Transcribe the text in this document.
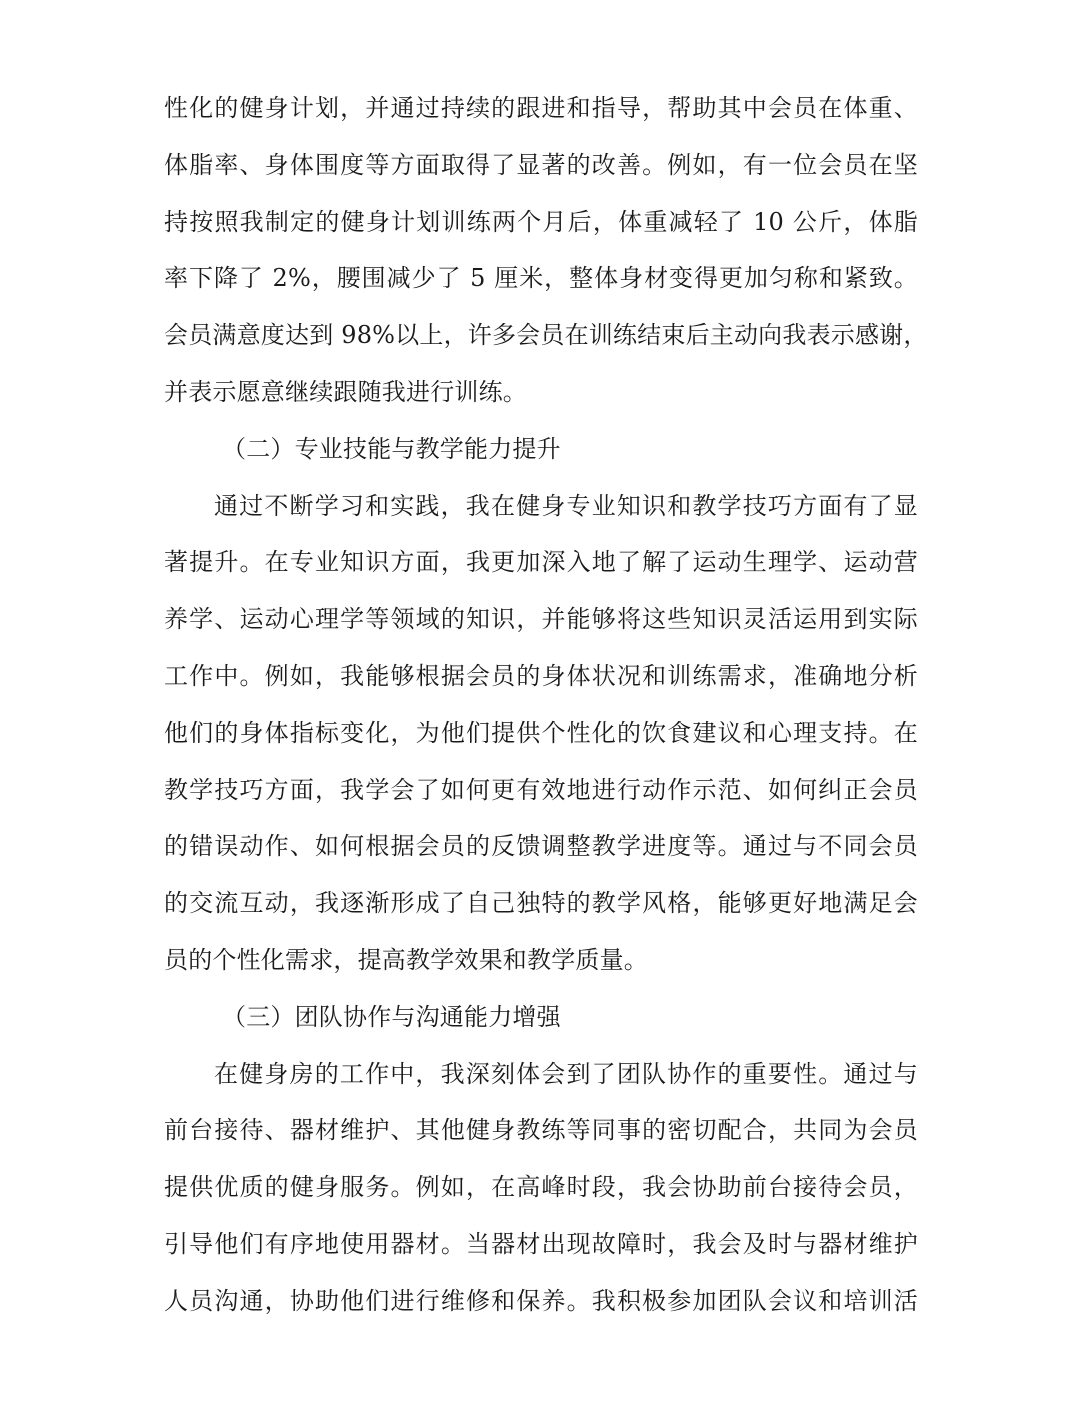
性化的健身计划，并通过持续的跟进和指导，帮助其中会员在体重、
体脂率、身体围度等方面取得了显著的改善。例如，有一位会员在坚
持按照我制定的健身计划训练两个月后，体重减轻了 10 公斤，体脂
率下降了 2%，腰围减少了 5 厘米，整体身材变得更加匀称和紧致。
会员满意度达到 98%以上，许多会员在训练结束后主动向我表示感谢，
并表示愿意继续跟随我进行训练。
（二）专业技能与教学能力提升
通过不断学习和实践，我在健身专业知识和教学技巧方面有了显
著提升。在专业知识方面，我更加深入地了解了运动生理学、运动营
养学、运动心理学等领域的知识，并能够将这些知识灵活运用到实际
工作中。例如，我能够根据会员的身体状况和训练需求，准确地分析
他们的身体指标变化，为他们提供个性化的饮食建议和心理支持。在
教学技巧方面，我学会了如何更有效地进行动作示范、如何纠正会员
的错误动作、如何根据会员的反馈调整教学进度等。通过与不同会员
的交流互动，我逐渐形成了自己独特的教学风格，能够更好地满足会
员的个性化需求，提高教学效果和教学质量。
（三）团队协作与沟通能力增强
在健身房的工作中，我深刻体会到了团队协作的重要性。通过与
前台接待、器材维护、其他健身教练等同事的密切配合，共同为会员
提供优质的健身服务。例如，在高峰时段，我会协助前台接待会员，
引导他们有序地使用器材。当器材出现故障时，我会及时与器材维护
人员沟通，协助他们进行维修和保养。我积极参加团队会议和培训活
